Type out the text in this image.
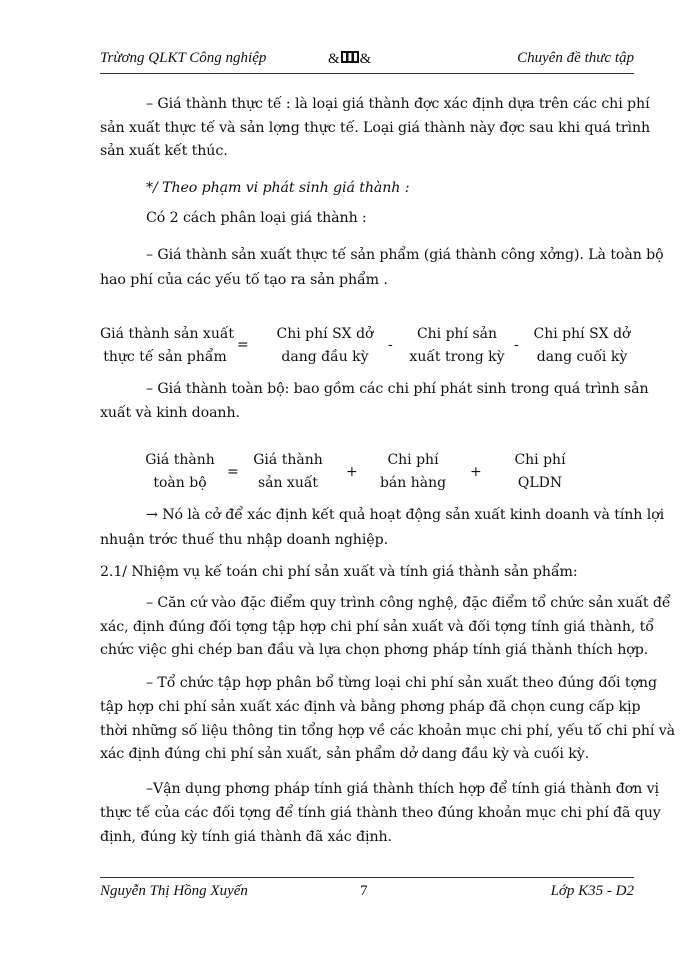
Trừơng QLKT Công nghiệp	& &	Chuyên đề thưc tập
– Giá thành thực tế : là loại giá thành đợc xác định dựa trên các chi phí
sản xuất thực tế và sản lợng thực tế. Loại giá thành này đợc sau khi quá trình
sản xuất kết thúc.
*/ Theo phạm vi phát sinh giá thành :
Có 2 cách phân loại giá thành :
– Giá thành sản xuất thực tế sản phẩm (giá thành công xởng). Là toàn bộ
hao phí của các yếu tố tạo ra sản phẩm .
Giá thành sản xuất
thực tế sản phẩm
=
Chi phí SX dở
dang đầu kỳ
-
Chi phí sản
xuất trong kỳ
-
Chi phí SX dở
dang cuối kỳ
– Giá thành toàn bộ: bao gồm các chi phí phát sinh trong quá trình sản
xuất và kinh doanh.
Giá thành
toàn bộ
=
Giá thành
sản xuất
+
Chi phí
bán hàng
+
Chi phí
QLDN
→ Nó là cở để xác định kết quả hoạt động sản xuất kinh doanh và tính lợi
nhuận trớc thuế thu nhập doanh nghiệp.
2.1/ Nhiệm vụ kế toán chi phí sản xuất và tính giá thành sản phẩm:
– Căn cứ vào đặc điểm quy trình công nghệ, đặc điểm tổ chức sản xuất để
xác, định đúng đối tợng tập hợp chi phí sản xuất và đối tợng tính giá thành, tổ
chức việc ghi chép ban đầu và lựa chọn phơng pháp tính giá thành thích hợp.
– Tổ chức tập hợp phân bổ từng loại chi phí sản xuất theo đúng đối tợng
tập hợp chi phí sản xuất xác định và bằng phơng pháp đã chọn cung cấp kịp
thời những số liệu thông tin tổng hợp về các khoản mục chi phí, yếu tố chi phí và
xác định đúng chi phí sản xuất, sản phẩm dở dang đầu kỳ và cuối kỳ.
–Vận dụng phơng pháp tính giá thành thích hợp để tính giá thành đơn vị
thực tế của các đối tợng để tính giá thành theo đúng khoản mục chi phí đã quy
định, đúng kỳ tính giá thành đã xác định.
Nguyễn Thị Hồng Xuyến	7	Lớp K35 - D2
